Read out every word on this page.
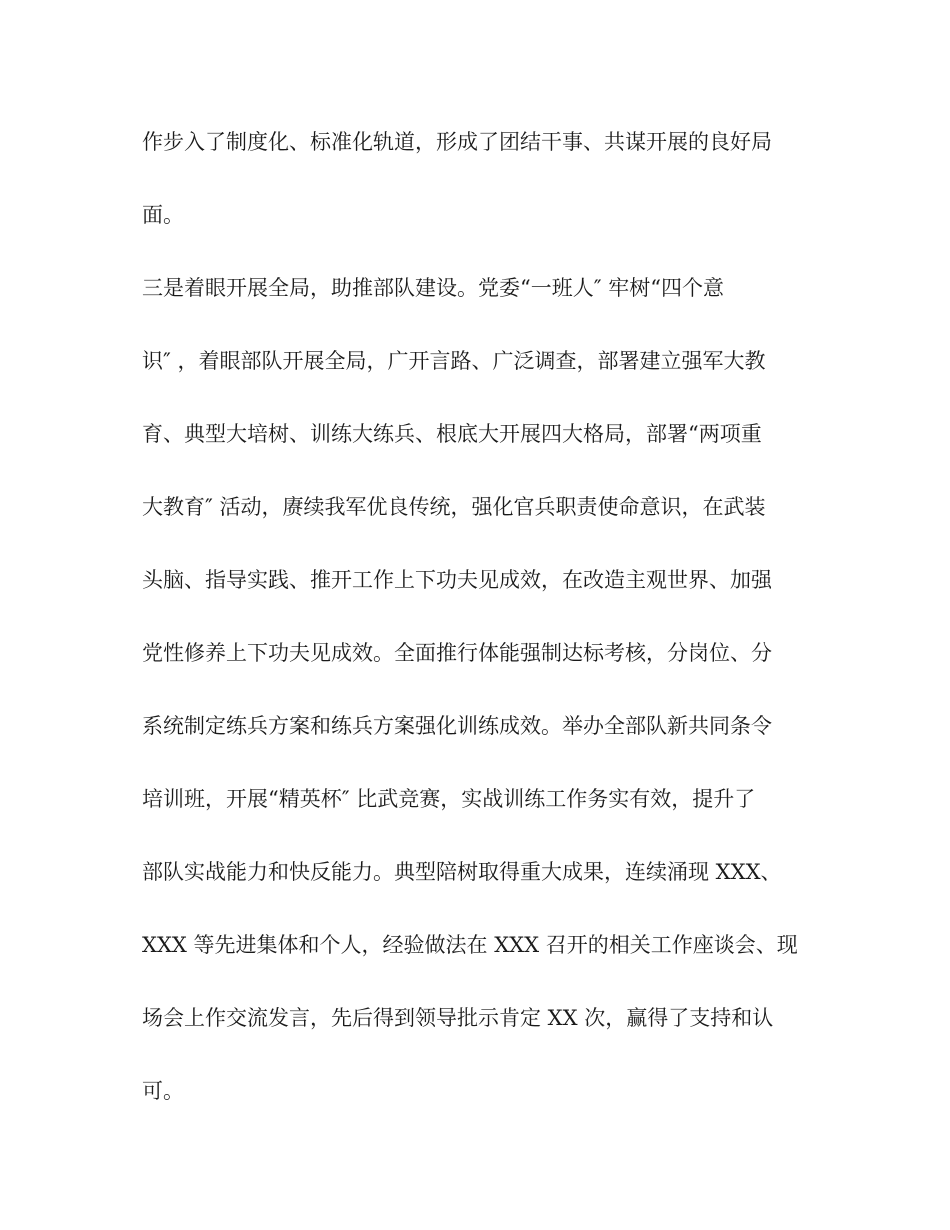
作步入了制度化、标准化轨道，形成了团结干事、共谋开展的良好局
面。
三是着眼开展全局，助推部队建设。党委“一班人″ 牢树“四个意
识″ ，着眼部队开展全局，广开言路、广泛调查，部署建立强军大教
育、典型大培树、训练大练兵、根底大开展四大格局，部署“两项重
大教育″ 活动，赓续我军优良传统，强化官兵职责使命意识，在武装
头脑、指导实践、推开工作上下功夫见成效，在改造主观世界、加强
党性修养上下功夫见成效。全面推行体能强制达标考核，分岗位、分
系统制定练兵方案和练兵方案强化训练成效。举办全部队新共同条令
培训班，开展“精英杯″ 比武竞赛，实战训练工作务实有效，提升了
部队实战能力和快反能力。典型陪树取得重大成果，连续涌现 XXX、
XXX 等先进集体和个人，经验做法在 XXX 召开的相关工作座谈会、现
场会上作交流发言，先后得到领导批示肯定 XX 次，赢得了支持和认
可。
